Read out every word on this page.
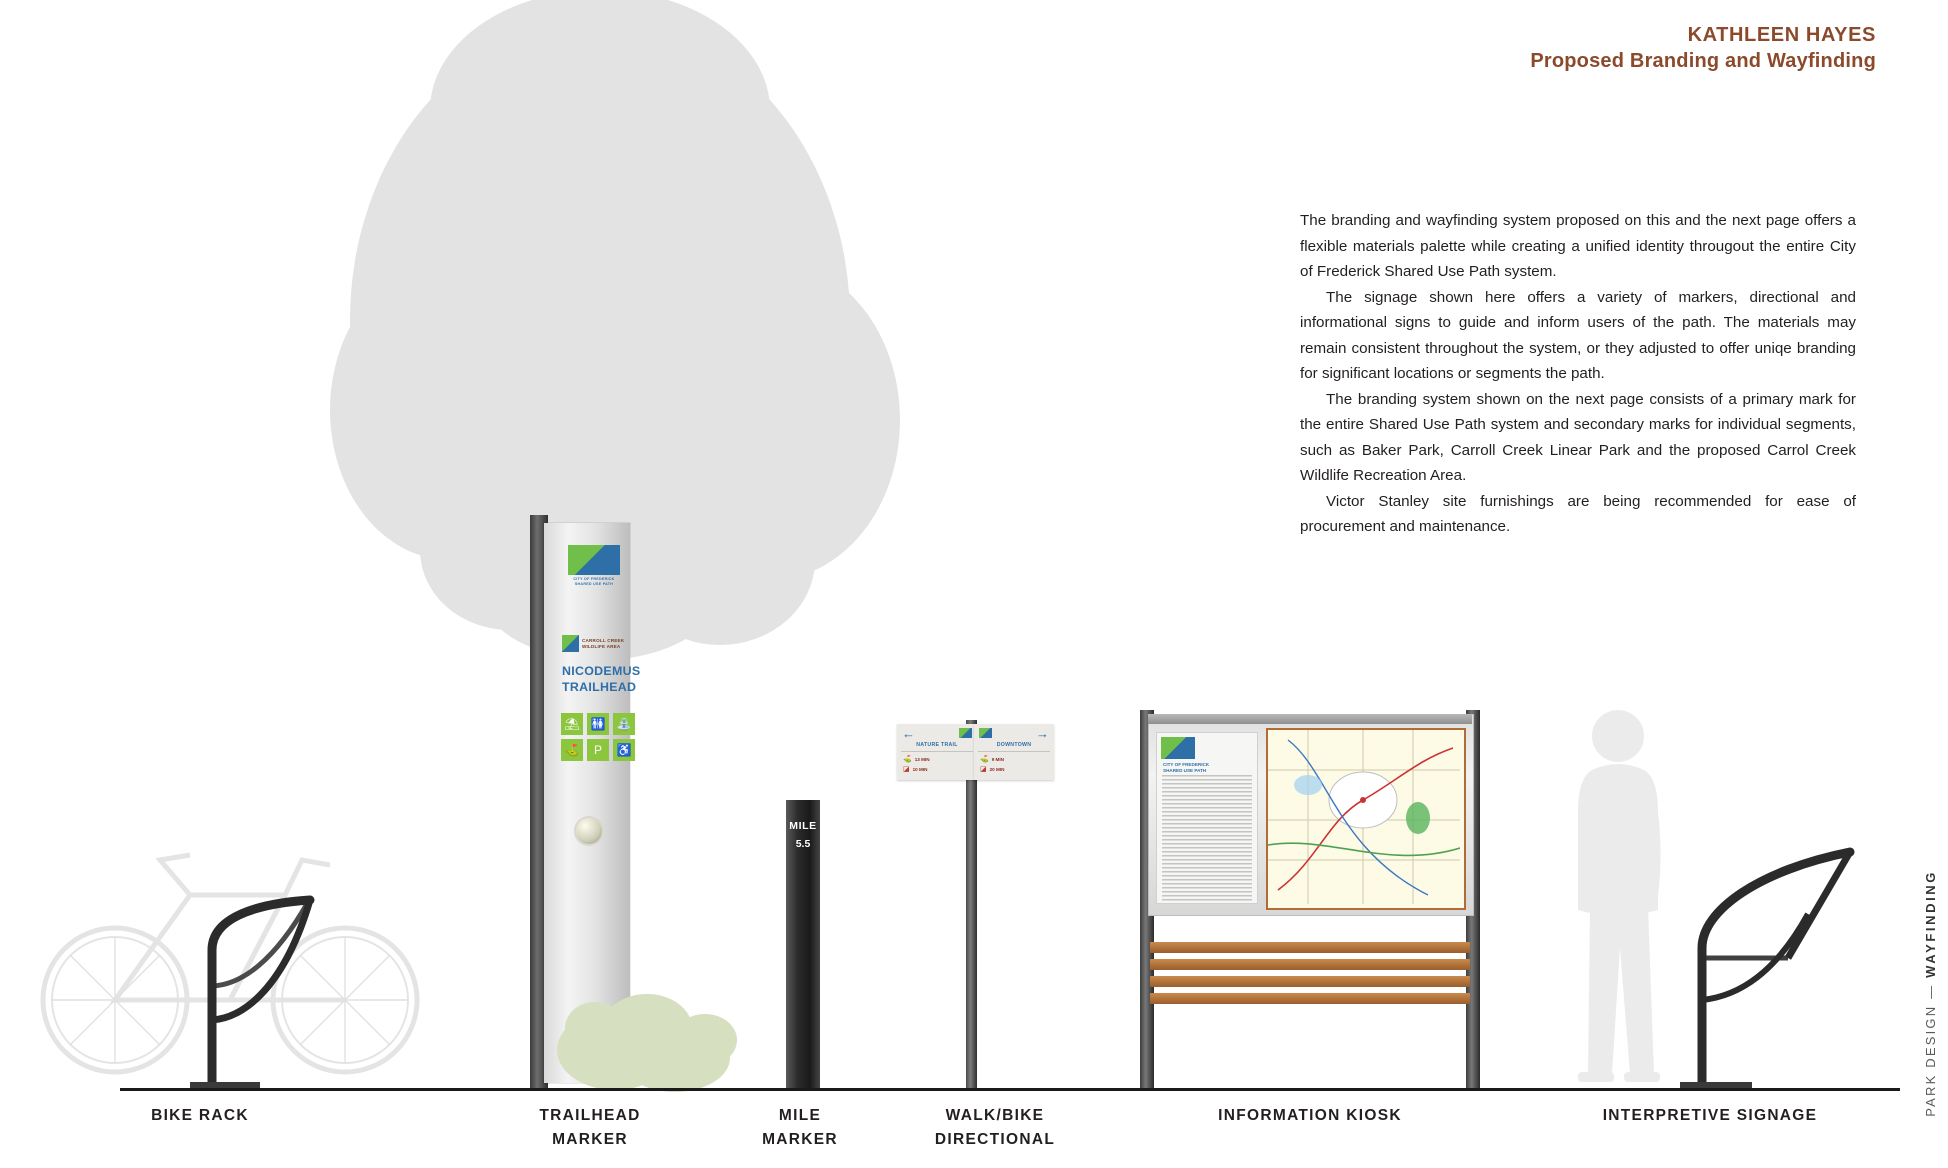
KATHLEEN HAYES
Proposed Branding and Wayfinding

The branding and wayfinding system proposed on this and the next page offers a flexible materials palette while creating a unified identity througout the entire City of Frederick Shared Use Path system.

The signage shown here offers a variety of markers, directional and informational signs to guide and inform users of the path. The materials may remain consistent throughout the system, or they adjusted to offer uniqe branding for significant locations or segments the path.

The branding system shown on the next page consists of a primary mark for the entire Shared Use Path system and secondary marks for individual segments, such as Baker Park, Carroll Creek Linear Park and the proposed Carrol Creek Wildlife Recreation Area.

Victor Stanley site furnishings are being recommended for ease of procurement and maintenance.

PARK DESIGN — WAYFINDING
CITY OF FREDERICK SHARED USE PATH
CARROLL CREEK
WILDLIFE AREA
NICODEMUS
TRAILHEAD
⛱ 🚻 ⛲
⛳	P	♿
MILE
5.5
←
NATURE TRAIL
⛳ 13 MIN
◪ 10 MIN
→
DOWNTOWN
⛳ 9 MIN
◪ 20 MIN
CITY OF FREDERICK
SHARED USE PATH
BIKE RACK	TRAILHEAD
MARKER
MILE
MARKER
WALK/BIKE
DIRECTIONAL
INFORMATION KIOSK	INTERPRETIVE SIGNAGE
